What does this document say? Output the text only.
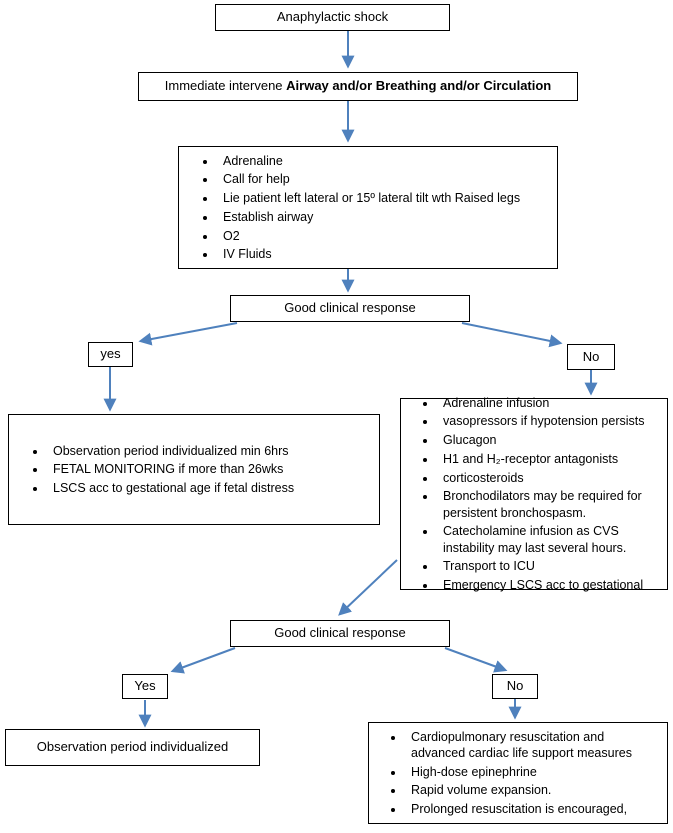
Anaphylactic shock
Immediate intervene Airway and/or Breathing and/or Circulation
• Adrenaline
• Call for help
• Lie patient left lateral or 15º lateral tilt wth Raised legs
• Establish airway
• O2
• IV Fluids
Good clinical response
yes	No
• Observation period individualized min 6hrs
• FETAL MONITORING if more than 26wks
• LSCS acc to gestational age if fetal distress
• Adrenaline infusion
• vasopressors if hypotension persists
• Glucagon
• H1 and H₂-receptor antagonists
• corticosteroids
• Bronchodilators may be required for persistent bronchospasm.
• Catecholamine infusion as CVS instability may last several hours.
• Transport to ICU
• Emergency LSCS acc to gestational
Good clinical response
Yes	No
Observation period individualized
• Cardiopulmonary resuscitation and advanced cardiac life support measures
• High-dose epinephrine
• Rapid volume expansion.
• Prolonged resuscitation is encouraged,
